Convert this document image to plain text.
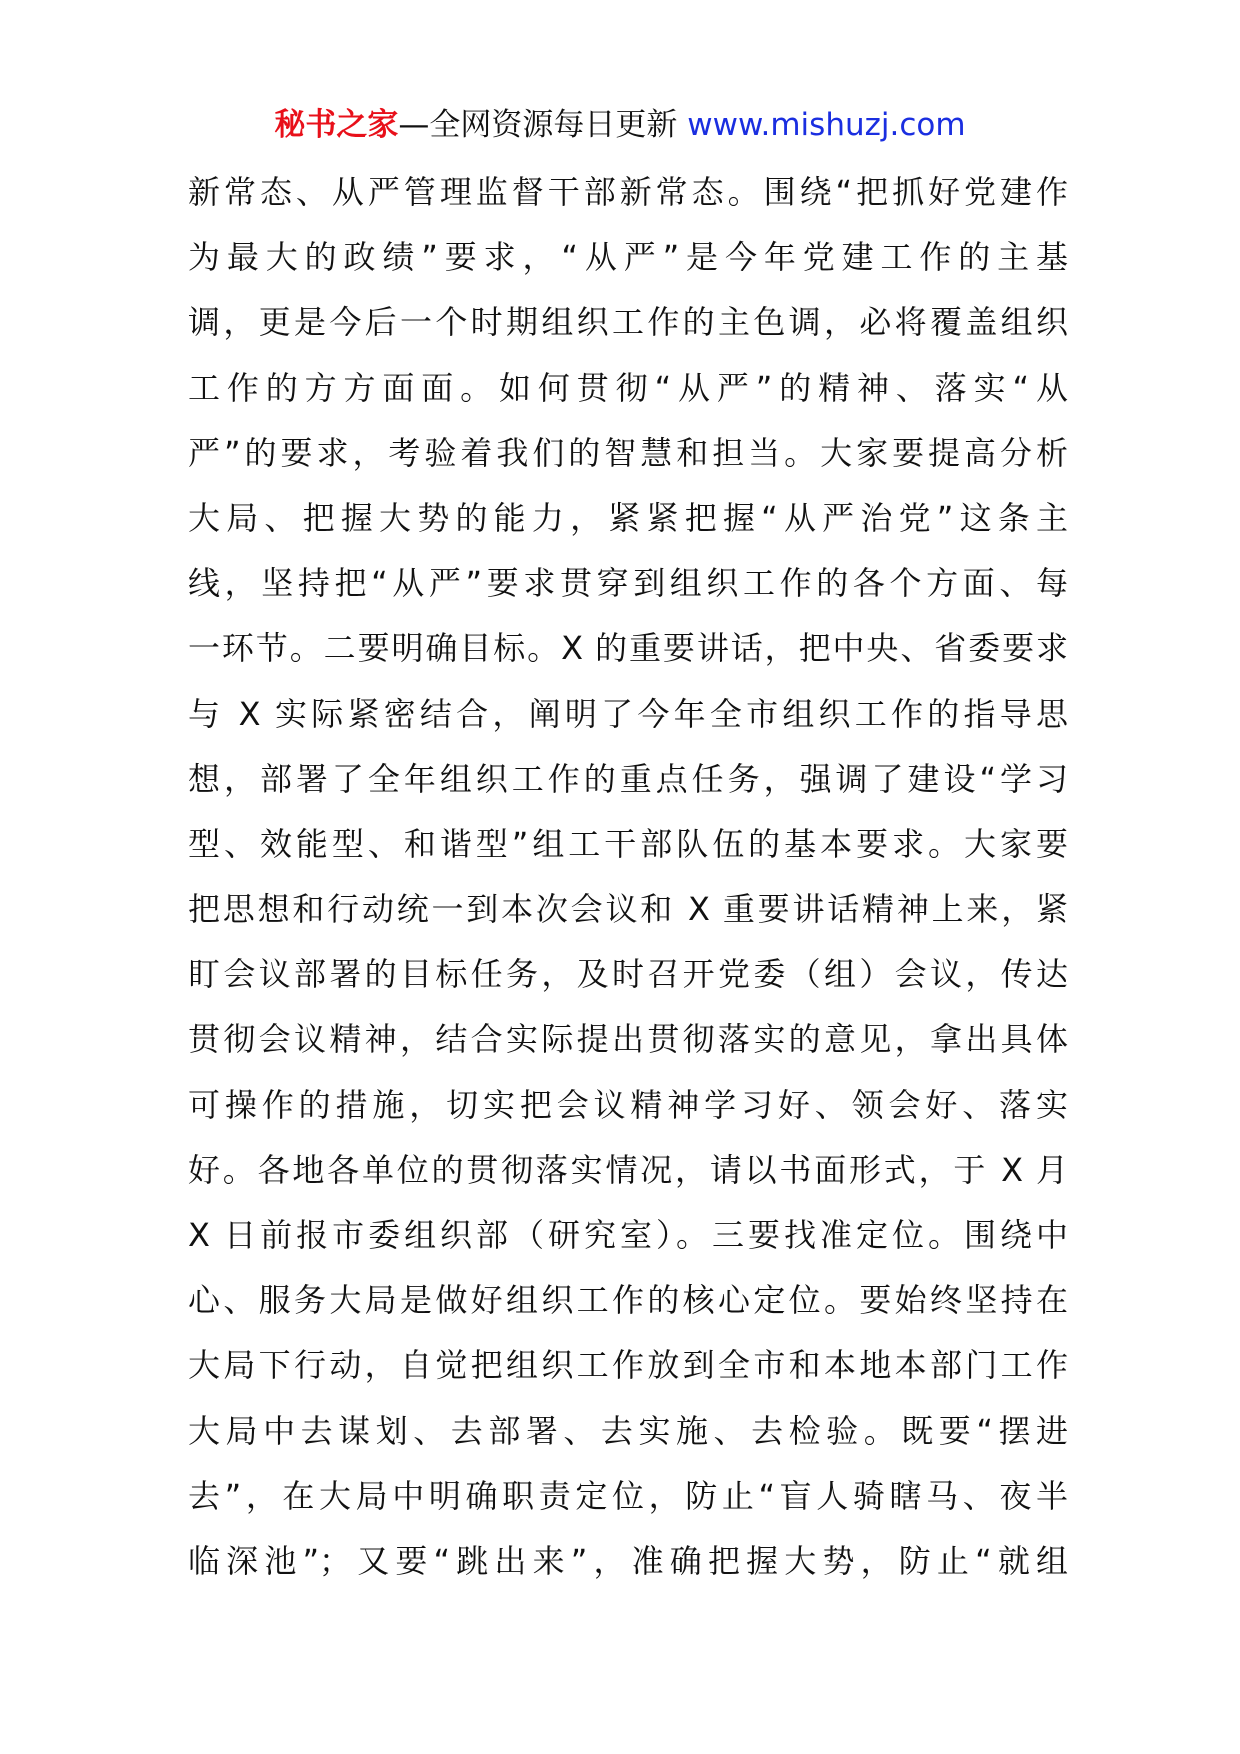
秘书之家—全网资源每日更新 www.mishuzj.com
新常态、从严管理监督干部新常态。围绕“把抓好党建作
为最大的政绩”要求，“从严”是今年党建工作的主基
调，更是今后一个时期组织工作的主色调，必将覆盖组织
工作的方方面面。如何贯彻“从严”的精神、落实“从
严”的要求，考验着我们的智慧和担当。大家要提高分析
大局、把握大势的能力，紧紧把握“从严治党”这条主
线，坚持把“从严”要求贯穿到组织工作的各个方面、每
一环节。二要明确目标。X 的重要讲话，把中央、省委要求
与 X 实际紧密结合，阐明了今年全市组织工作的指导思
想，部署了全年组织工作的重点任务，强调了建设“学习
型、效能型、和谐型”组工干部队伍的基本要求。大家要
把思想和行动统一到本次会议和 X 重要讲话精神上来，紧
盯会议部署的目标任务，及时召开党委（组）会议，传达
贯彻会议精神，结合实际提出贯彻落实的意见，拿出具体
可操作的措施，切实把会议精神学习好、领会好、落实
好。各地各单位的贯彻落实情况，请以书面形式，于 X 月
X 日前报市委组织部（研究室）。三要找准定位。围绕中
心、服务大局是做好组织工作的核心定位。要始终坚持在
大局下行动，自觉把组织工作放到全市和本地本部门工作
大局中去谋划、去部署、去实施、去检验。既要“摆进
去”，在大局中明确职责定位，防止“盲人骑瞎马、夜半
临深池”；又要“跳出来”，准确把握大势，防止“就组
